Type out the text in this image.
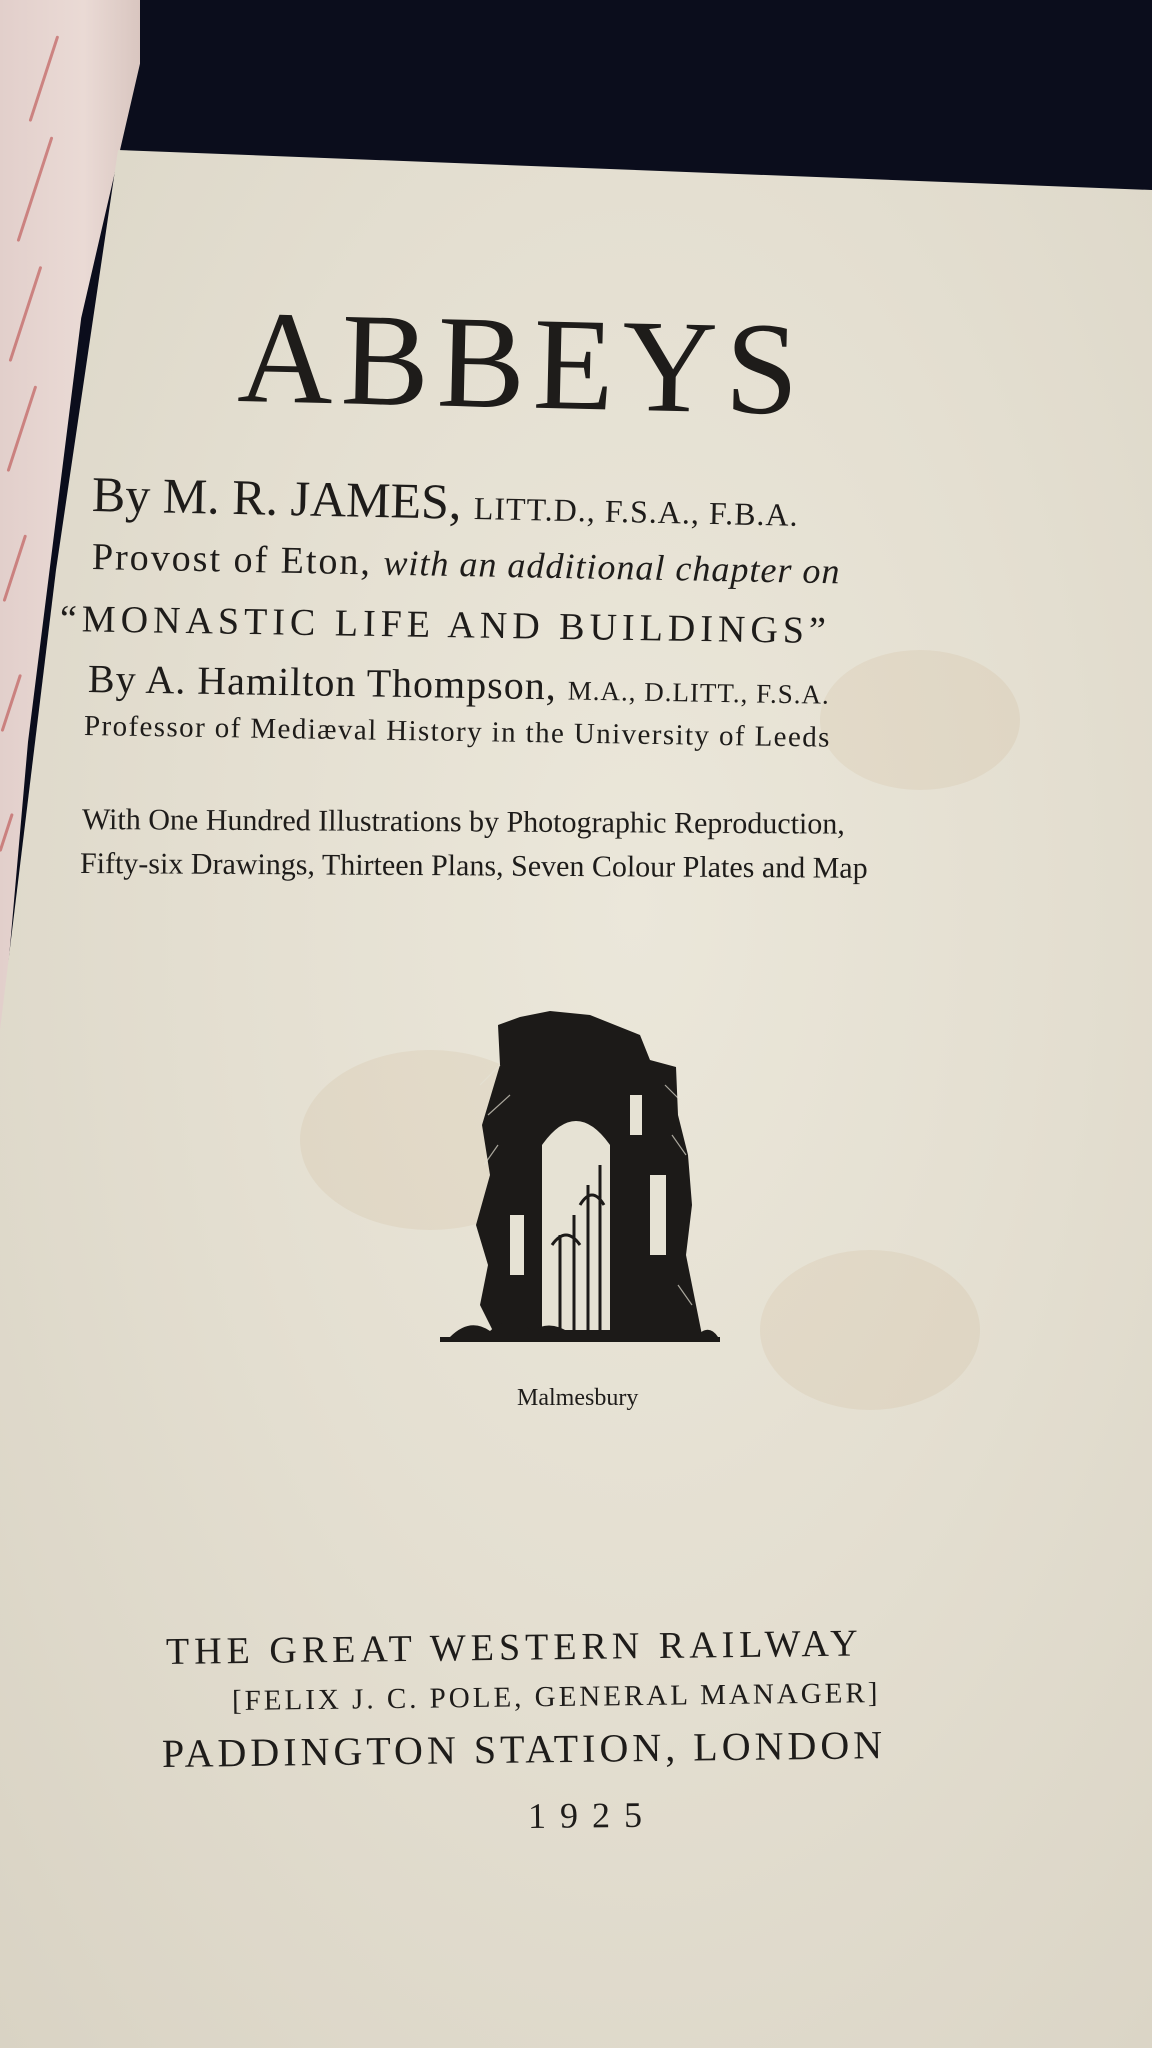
ABBEYS
By M. R. JAMES, LITT.D., F.S.A., F.B.A.
Provost of Eton, with an additional chapter on
“MONASTIC LIFE AND BUILDINGS”
By A. Hamilton Thompson, M.A., D.LITT., F.S.A.
Professor of Mediæval History in the University of Leeds
With One Hundred Illustrations by Photographic Reproduction,
Fifty-six Drawings, Thirteen Plans, Seven Colour Plates and Map
Malmesbury
THE GREAT WESTERN RAILWAY
[FELIX J. C. POLE, GENERAL MANAGER]
PADDINGTON STATION, LONDON
1925
